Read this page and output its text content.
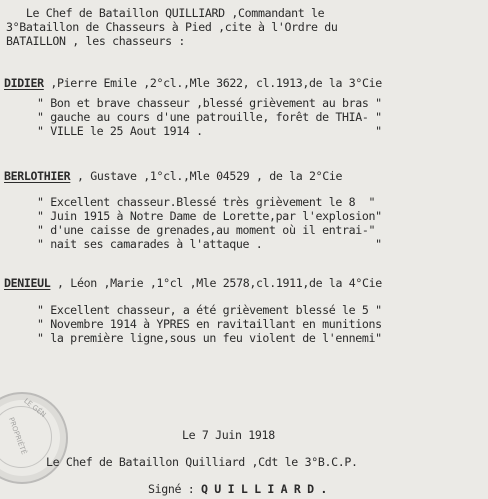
LE GÉN
PROPRIÉTÉ
Le Chef de Bataillon QUILLIARD ,Commandant le
3°Bataillon de Chasseurs à Pied ,cite à l'Ordre du
BATAILLON , les chasseurs :
DIDIER ,Pierre Emile ,2°cl.,Mle 3622, cl.1913,de la 3°Cie
" Bon et brave chasseur ,blessé grièvement au bras "
" gauche au cours d'une patrouille, forêt de THIA- "
" VILLE le 25 Aout 1914 .                          "
BERLOTHIER , Gustave ,1°cl.,Mle 04529 , de la 2°Cie
" Excellent chasseur.Blessé très grièvement le 8  "
" Juin 1915 à Notre Dame de Lorette,par l'explosion"
" d'une caisse de grenades,au moment où il entrai-"
" nait ses camarades à l'attaque .                 "
DENIEUL , Léon ,Marie ,1°cl ,Mle 2578,cl.1911,de la 4°Cie
" Excellent chasseur, a été grièvement blessé le 5 "
" Novembre 1914 à YPRES en ravitaillant en munitions
" la première ligne,sous un feu violent de l'ennemi"
Le 7 Juin 1918
Le Chef de Bataillon Quilliard ,Cdt le 3°B.C.P.
Signé : Q U I L L I A R D .
